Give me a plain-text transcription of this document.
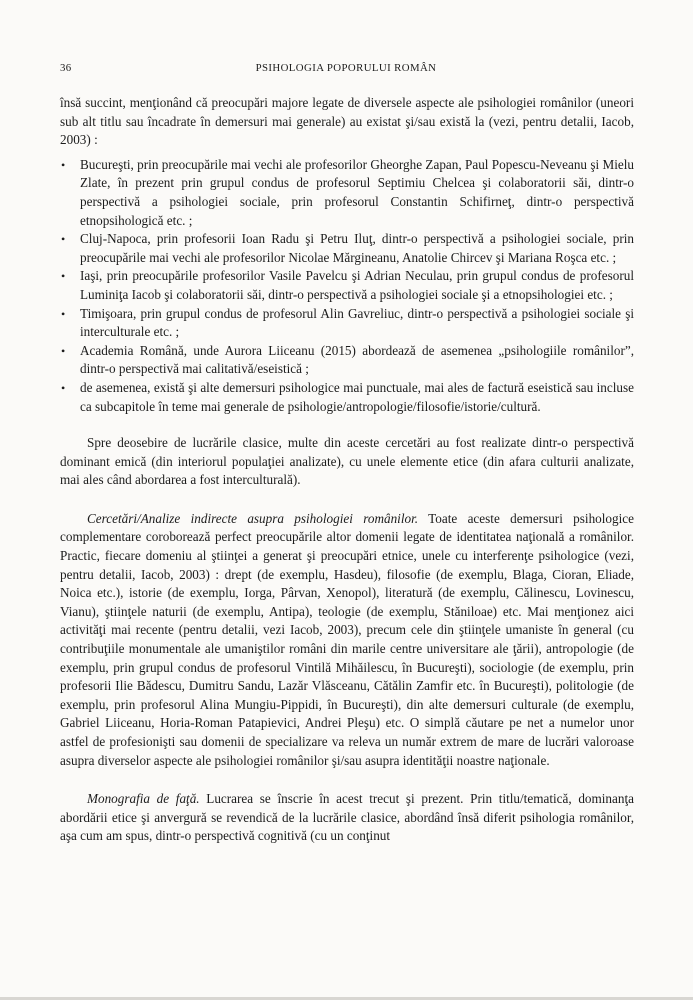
36	PSIHOLOGIA POPORULUI ROMÂN

însă succint, menţionând că preocupări majore legate de diversele aspecte ale psihologiei românilor (uneori sub alt titlu sau încadrate în demersuri mai generale) au existat şi/sau există la (vezi, pentru detalii, Iacob, 2003) :

• Bucureşti, prin preocupările mai vechi ale profesorilor Gheorghe Zapan, Paul Popescu-Neveanu şi Mielu Zlate, în prezent prin grupul condus de profesorul Septimiu Chelcea şi colaboratorii săi, dintr-o perspectivă a psihologiei sociale, prin profesorul Constantin Schifirneţ, dintr-o perspectivă etnopsihologică etc. ;
• Cluj-Napoca, prin profesorii Ioan Radu şi Petru Iluţ, dintr-o perspectivă a psihologiei sociale, prin preocupările mai vechi ale profesorilor Nicolae Mărgineanu, Anatolie Chircev şi Mariana Roşca etc. ;
• Iaşi, prin preocupările profesorilor Vasile Pavelcu şi Adrian Neculau, prin grupul condus de profesorul Luminiţa Iacob şi colaboratorii săi, dintr-o perspectivă a psihologiei sociale şi a etnopsihologiei etc. ;
• Timişoara, prin grupul condus de profesorul Alin Gavreliuc, dintr-o perspectivă a psihologiei sociale şi interculturale etc. ;
• Academia Română, unde Aurora Liiceanu (2015) abordează de asemenea „psihologiile românilor”, dintr-o perspectivă mai calitativă/eseistică ;
• de asemenea, există şi alte demersuri psihologice mai punctuale, mai ales de factură eseistică sau incluse ca subcapitole în teme mai generale de psihologie/antropologie/filosofie/istorie/cultură.

Spre deosebire de lucrările clasice, multe din aceste cercetări au fost realizate dintr-o perspectivă dominant emică (din interiorul populaţiei analizate), cu unele elemente etice (din afara culturii analizate, mai ales când abordarea a fost interculturală).

Cercetări/Analize indirecte asupra psihologiei românilor. Toate aceste demersuri psihologice complementare coroborează perfect preocupările altor domenii legate de identitatea naţională a românilor. Practic, fiecare domeniu al ştiinţei a generat şi preocupări etnice, unele cu interferenţe psihologice (vezi, pentru detalii, Iacob, 2003) : drept (de exemplu, Hasdeu), filosofie (de exemplu, Blaga, Cioran, Eliade, Noica etc.), istorie (de exemplu, Iorga, Pârvan, Xenopol), literatură (de exemplu, Călinescu, Lovinescu, Vianu), ştiinţele naturii (de exemplu, Antipa), teologie (de exemplu, Stăniloae) etc. Mai menţionez aici activităţi mai recente (pentru detalii, vezi Iacob, 2003), precum cele din ştiinţele umaniste în general (cu contribuţiile monumentale ale umaniştilor români din marile centre universitare ale ţării), antropologie (de exemplu, prin grupul condus de profesorul Vintilă Mihăilescu, în Bucureşti), sociologie (de exemplu, prin profesorii Ilie Bădescu, Dumitru Sandu, Lazăr Vlăsceanu, Cătălin Zamfir etc. în Bucureşti), politologie (de exemplu, prin profesorul Alina Mungiu-Pippidi, în Bucureşti), din alte demersuri culturale (de exemplu, Gabriel Liiceanu, Horia-Roman Patapievici, Andrei Pleşu) etc. O simplă căutare pe net a numelor unor astfel de profesionişti sau domenii de specializare va releva un număr extrem de mare de lucrări valoroase asupra diverselor aspecte ale psihologiei românilor şi/sau asupra identităţii noastre naţionale.

Monografia de faţă. Lucrarea se înscrie în acest trecut şi prezent. Prin titlu/tematică, dominanţa abordării etice şi anvergură se revendică de la lucrările clasice, abordând însă diferit psihologia românilor, aşa cum am spus, dintr-o perspectivă cognitivă (cu un conţinut
